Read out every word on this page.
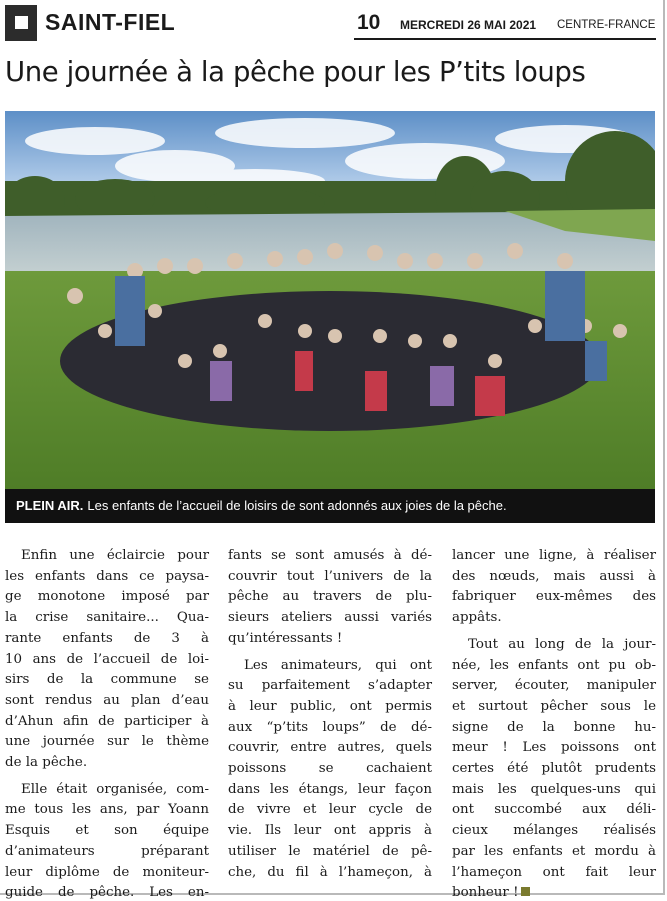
SAINT-FIEL	10 MERCREDI 26 MAI 2021 CENTRE-FRANCE
Une journée à la pêche pour les P’tits loups
PLEIN AIR. Les enfants de l’accueil de loisirs de sont adonnés aux joies de la pêche.

Enfin une éclaircie pour
les enfants dans ce paysa-
ge monotone imposé par
la crise sanitaire... Qua-
rante enfants de 3 à
10 ans de l’accueil de loi-
sirs de la commune se
sont rendus au plan d’eau
d’Ahun afin de participer à
une journée sur le thème
de la pêche.

Elle était organisée, com-
me tous les ans, par Yoann
Esquis et son équipe
d’animateurs préparant
leur diplôme de moniteur-
guide de pêche. Les en-

fants se sont amusés à dé-
couvrir tout l’univers de la
pêche au travers de plu-
sieurs ateliers aussi variés
qu’intéressants !

Les animateurs, qui ont
su parfaitement s’adapter
à leur public, ont permis
aux “p’tits loups” de dé-
couvrir, entre autres, quels
poissons se cachaient
dans les étangs, leur façon
de vivre et leur cycle de
vie. Ils leur ont appris à
utiliser le matériel de pê-
che, du fil à l’hameçon, à

lancer une ligne, à réaliser
des nœuds, mais aussi à
fabriquer eux-mêmes des
appâts.

Tout au long de la jour-
née, les enfants ont pu ob-
server, écouter, manipuler
et surtout pêcher sous le
signe de la bonne hu-
meur ! Les poissons ont
certes été plutôt prudents
mais les quelques-uns qui
ont succombé aux déli-
cieux mélanges réalisés
par les enfants et mordu à
l’hameçon ont fait leur
bonheur !
